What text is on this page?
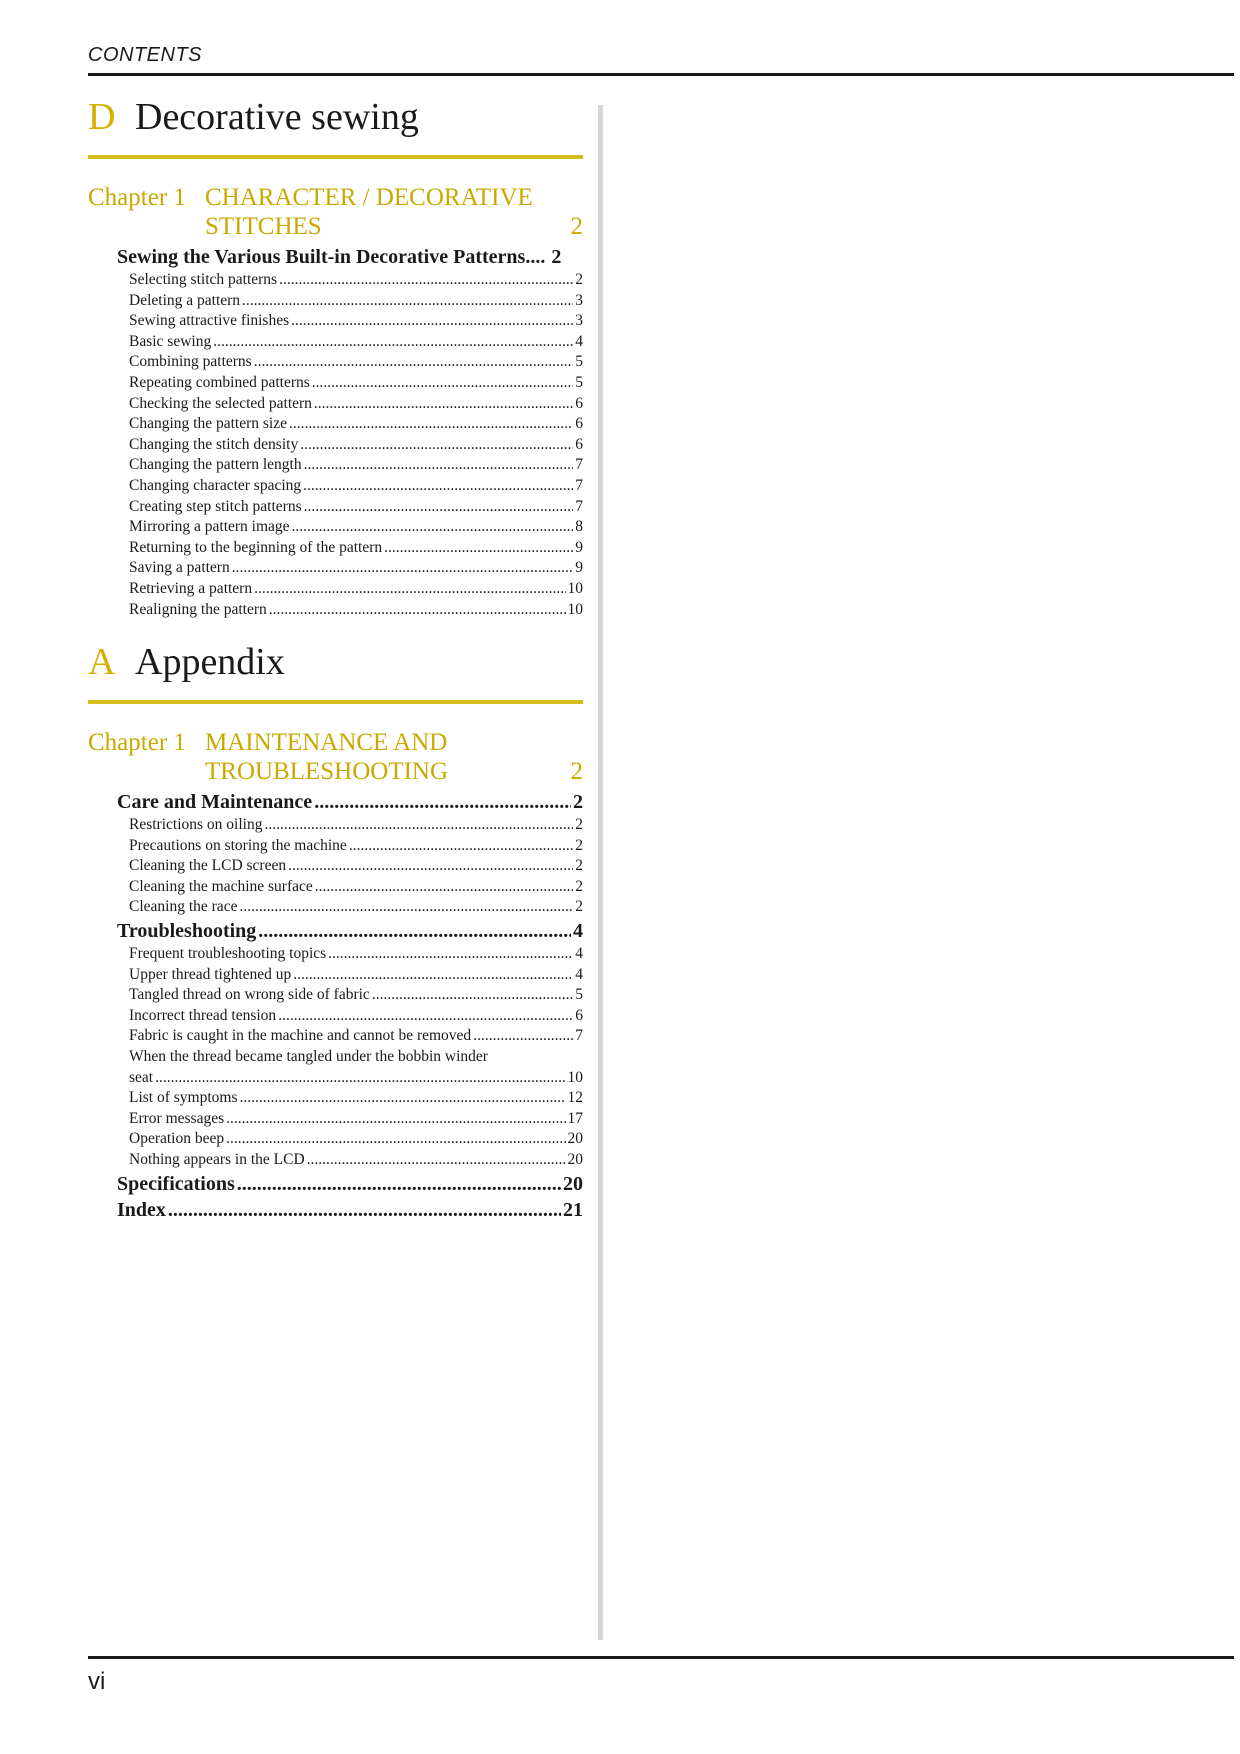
CONTENTS
D Decorative sewing
Chapter 1 CHARACTER / DECORATIVE
STITCHES	2
Sewing the Various Built-in Decorative Patterns .... 2
Selecting stitch patterns .....	2
Deleting a pattern .....	3
Sewing attractive finishes .....	3
Basic sewing .....	4
Combining patterns .....	5
Repeating combined patterns .....	5
Checking the selected pattern .....	6
Changing the pattern size .....	6
Changing the stitch density .....	6
Changing the pattern length .....	7
Changing character spacing .....	7
Creating step stitch patterns .....	7
Mirroring a pattern image .....	8
Returning to the beginning of the pattern .....	9
Saving a pattern .....	9
Retrieving a pattern .....	10
Realigning the pattern .....	10
A Appendix
Chapter 1 MAINTENANCE AND
TROUBLESHOOTING	2
Care and Maintenance .....	2
Restrictions on oiling .....	2
Precautions on storing the machine .....	2
Cleaning the LCD screen .....	2
Cleaning the machine surface .....	2
Cleaning the race .....	2
Troubleshooting .....	4
Frequent troubleshooting topics .....	4
Upper thread tightened up .....	4
Tangled thread on wrong side of fabric .....	5
Incorrect thread tension .....	6
Fabric is caught in the machine and cannot be removed .....	7
When the thread became tangled under the bobbin winder
seat .....	10
List of symptoms .....	12
Error messages .....	17
Operation beep .....	20
Nothing appears in the LCD .....	20
Specifications .....	20
Index .....	21
vi
